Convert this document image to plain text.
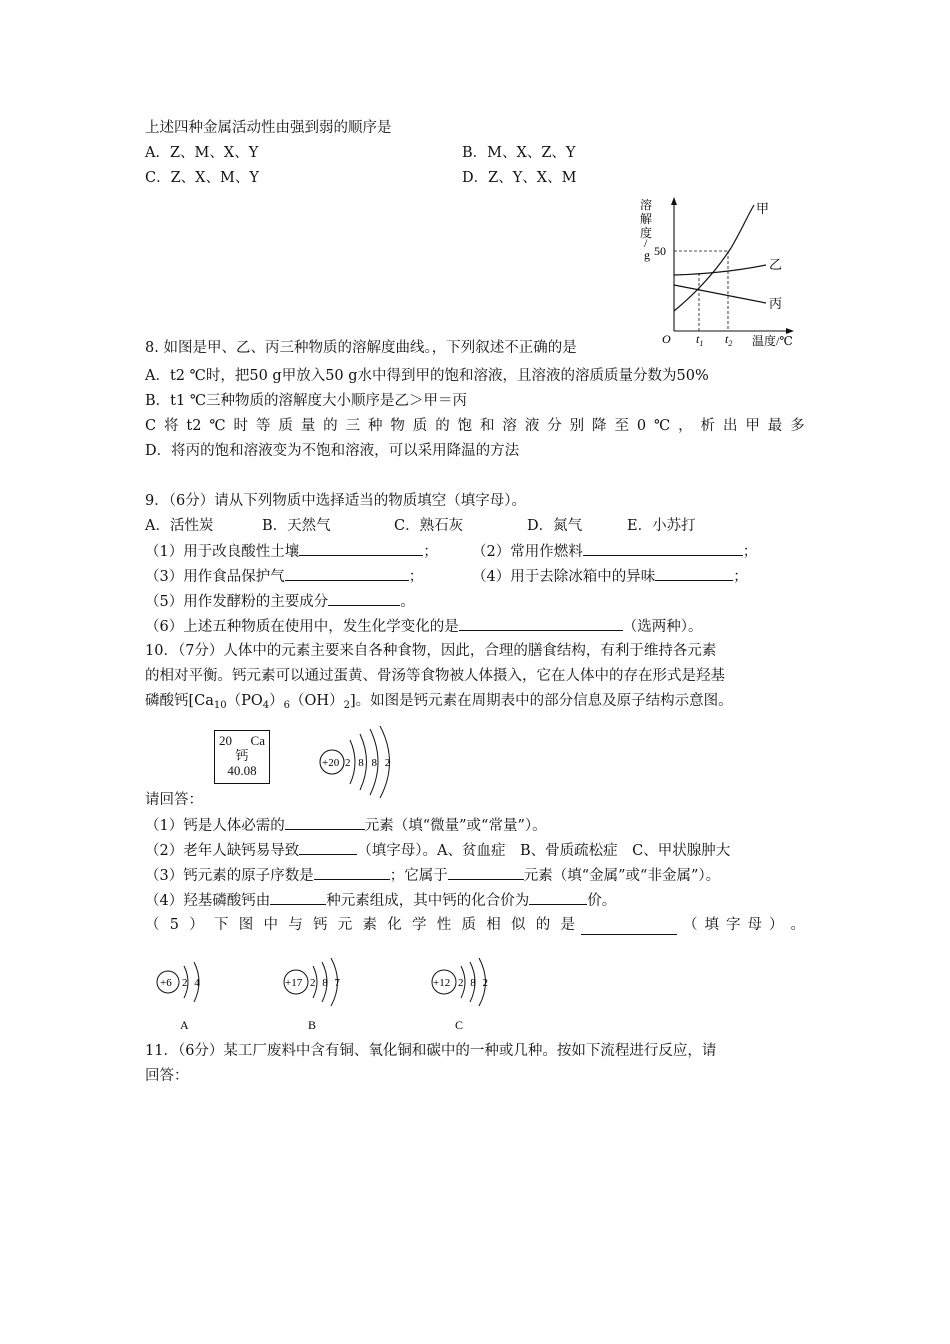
上述四种金属活动性由强到弱的顺序是
A．Z、M、X、Y	B．M、X、Z、Y
C．Z、X、M、Y	D．Z、Y、X、M
溶
解
度
/
g
甲
乙
丙
50
O $t_1$ $t_2$ 温度/℃
8. 如图是甲、乙、丙三种物质的溶解度曲线。，下列叙述不正确的是
A．t2 ℃时，把50 g甲放入50 g水中得到甲的饱和溶液，且溶液的溶质质量分数为50%
B．t1 ℃三种物质的溶解度大小顺序是乙＞甲＝丙
C 将 t2 ℃ 时 等 质 量 的 三 种 物 质 的 饱 和 溶 液 分 别 降 至 0 ℃ ， 析 出 甲 最 多
D．将丙的饱和溶液变为不饱和溶液，可以采用降温的方法
9．（6分）请从下列物质中选择适当的物质填空（填字母）。
A．活性炭	B．天然气	C．熟石灰	D．氮气	E．小苏打
（1）用于改良酸性土壤	； （2）常用作燃料	；
（3）用作食品保护气	；	（4）用于去除冰箱中的异味	；
（5）用作发酵粉的主要成分	。
（6）上述五种物质在使用中，发生化学变化的是	（选两种）。
10．（7分）人体中的元素主要来自各种食物，因此，合理的膳食结构，有利于维持各元素
的相对平衡。钙元素可以通过蛋黄、骨汤等食物被人体摄入，它在人体中的存在形式是羟基
磷酸钙$[Ca_{10}(PO_4)_6(OH)_2]$。如图是钙元素在周期表中的部分信息及原子结构示意图。
20 Ca
钙
40.08	+20 2 8 8 2
请回答：
（1）钙是人体必需的	元素（填“微量”或“常量”）。
（2）老年人缺钙易导致	（填字母）。A、贫血症　B、骨质疏松症　C、甲状腺肿大
（3）钙元素的原子序数是	；它属于	元素（填“金属”或“非金属”）。
（4）羟基磷酸钙由	种元素组成，其中钙的化合价为	价。
（ 5 ） 下 图 中 与 钙 元 素 化 学 性 质 相 似 的 是	（ 填 字 母 ） 。
+6 2 4
A
+17 2 8 7
B
+12 2 8 2
C
11．（6分）某工厂废料中含有铜、氧化铜和碳中的一种或几种。按如下流程进行反应，请
回答：
